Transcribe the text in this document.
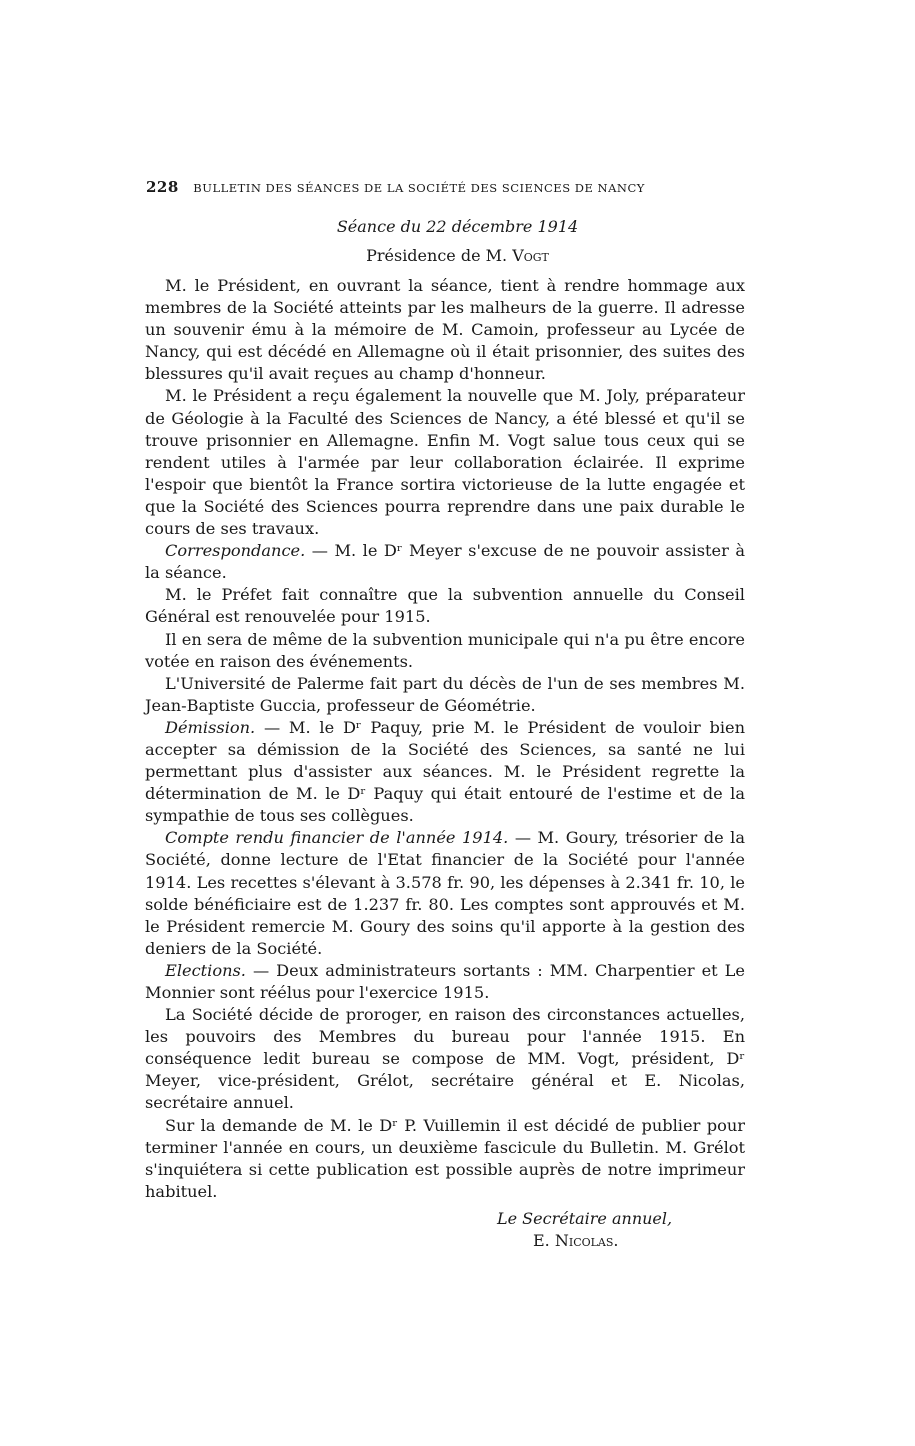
228 BULLETIN DES SÉANCES DE LA SOCIÉTÉ DES SCIENCES DE NANCY
Séance du 22 décembre 1914
Présidence de M. Vogt

M. le Président, en ouvrant la séance, tient à rendre hommage aux membres de la Société atteints par les malheurs de la guerre. Il adresse un souvenir ému à la mémoire de M. Camoin, professeur au Lycée de Nancy, qui est décédé en Allemagne où il était prisonnier, des suites des blessures qu'il avait reçues au champ d'honneur.

M. le Président a reçu également la nouvelle que M. Joly, préparateur de Géologie à la Faculté des Sciences de Nancy, a été blessé et qu'il se trouve prisonnier en Allemagne. Enfin M. Vogt salue tous ceux qui se rendent utiles à l'armée par leur collaboration éclairée. Il exprime l'espoir que bientôt la France sortira victorieuse de la lutte engagée et que la Société des Sciences pourra reprendre dans une paix durable le cours de ses travaux.

Correspondance. — M. le Dʳ Meyer s'excuse de ne pouvoir assister à la séance.

M. le Préfet fait connaître que la subvention annuelle du Conseil Général est renouvelée pour 1915.

Il en sera de même de la subvention municipale qui n'a pu être encore votée en raison des événements.

L'Université de Palerme fait part du décès de l'un de ses membres M. Jean-Baptiste Guccia, professeur de Géométrie.

Démission. — M. le Dʳ Paquy, prie M. le Président de vouloir bien accepter sa démission de la Société des Sciences, sa santé ne lui permettant plus d'assister aux séances. M. le Président regrette la détermination de M. le Dʳ Paquy qui était entouré de l'estime et de la sympathie de tous ses collègues.

Compte rendu financier de l'année 1914. — M. Goury, trésorier de la Société, donne lecture de l'Etat financier de la Société pour l'année 1914. Les recettes s'élevant à 3.578 fr. 90, les dépenses à 2.341 fr. 10, le solde bénéficiaire est de 1.237 fr. 80. Les comptes sont approuvés et M. le Président remercie M. Goury des soins qu'il apporte à la gestion des deniers de la Société.

Elections. — Deux administrateurs sortants : MM. Charpentier et Le Monnier sont réélus pour l'exercice 1915.

La Société décide de proroger, en raison des circonstances actuelles, les pouvoirs des Membres du bureau pour l'année 1915. En conséquence ledit bureau se compose de MM. Vogt, président, Dʳ Meyer, vice-président, Grélot, secrétaire général et E. Nicolas, secrétaire annuel.

Sur la demande de M. le Dʳ P. Vuillemin il est décidé de publier pour terminer l'année en cours, un deuxième fascicule du Bulletin. M. Grélot s'inquiétera si cette publication est possible auprès de notre imprimeur habituel.

Le Secrétaire annuel,
E. Nicolas.
